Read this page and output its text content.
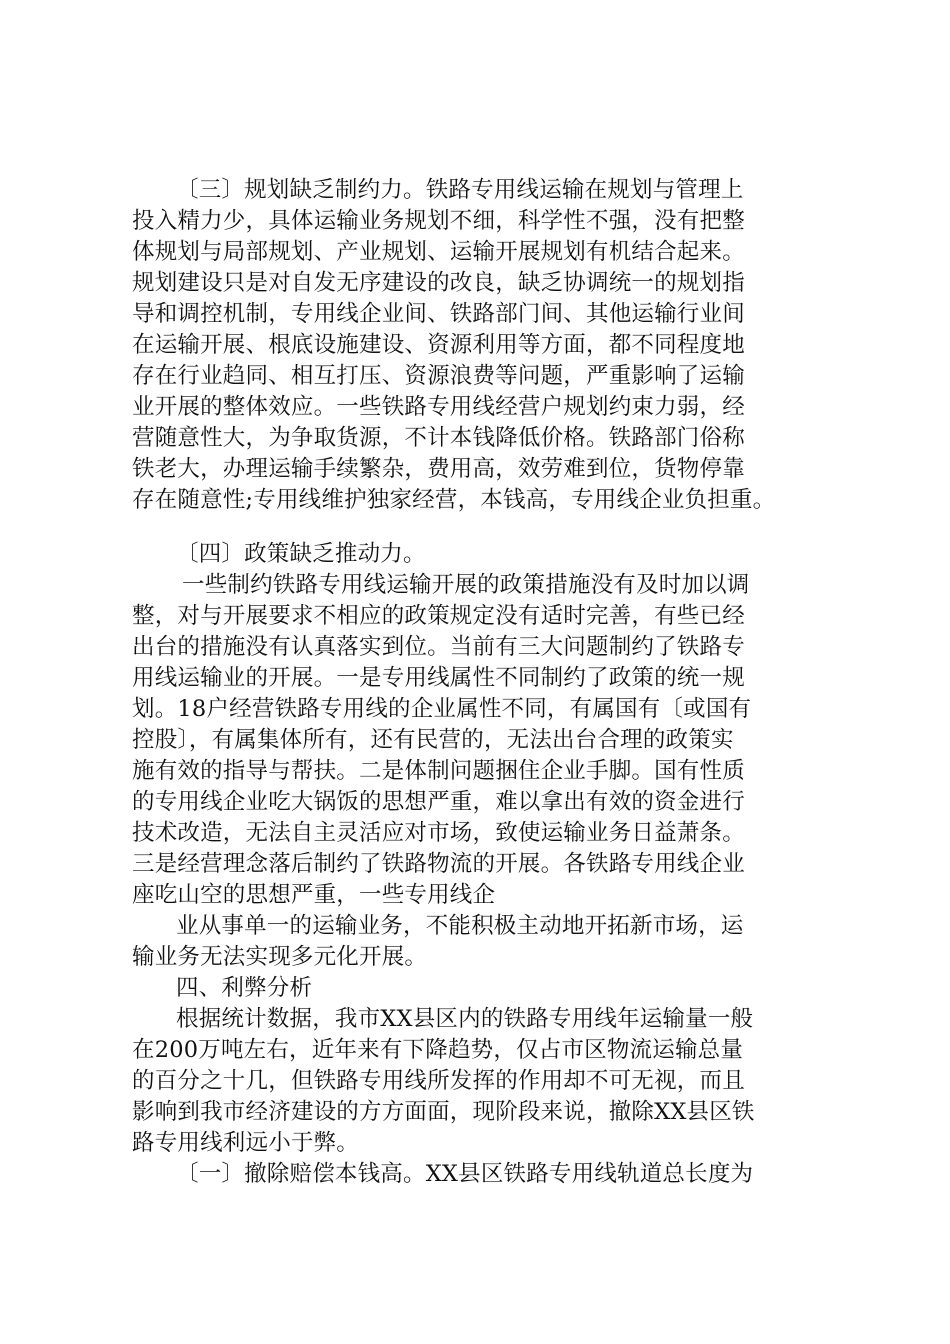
〔三〕规划缺乏制约力。铁路专用线运输在规划与管理上
投入精力少，具体运输业务规划不细，科学性不强，没有把整
体规划与局部规划、产业规划、运输开展规划有机结合起来。
规划建设只是对自发无序建设的改良，缺乏协调统一的规划指
导和调控机制，专用线企业间、铁路部门间、其他运输行业间
在运输开展、根底设施建设、资源利用等方面，都不同程度地
存在行业趋同、相互打压、资源浪费等问题，严重影响了运输
业开展的整体效应。一些铁路专用线经营户规划约束力弱，经
营随意性大，为争取货源，不计本钱降低价格。铁路部门俗称
铁老大，办理运输手续繁杂，费用高，效劳难到位，货物停靠
存在随意性;专用线维护独家经营，本钱高，专用线企业负担重。
〔四〕政策缺乏推动力。
一些制约铁路专用线运输开展的政策措施没有及时加以调
整，对与开展要求不相应的政策规定没有适时完善，有些已经
出台的措施没有认真落实到位。当前有三大问题制约了铁路专
用线运输业的开展。一是专用线属性不同制约了政策的统一规
划。18户经营铁路专用线的企业属性不同，有属国有〔或国有
控股〕，有属集体所有，还有民营的，无法出台合理的政策实
施有效的指导与帮扶。二是体制问题捆住企业手脚。国有性质
的专用线企业吃大锅饭的思想严重，难以拿出有效的资金进行
技术改造，无法自主灵活应对市场，致使运输业务日益萧条。
三是经营理念落后制约了铁路物流的开展。各铁路专用线企业
座吃山空的思想严重，一些专用线企
业从事单一的运输业务，不能积极主动地开拓新市场，运
输业务无法实现多元化开展。
四、利弊分析
根据统计数据，我市XX县区内的铁路专用线年运输量一般
在200万吨左右，近年来有下降趋势，仅占市区物流运输总量
的百分之十几，但铁路专用线所发挥的作用却不可无视，而且
影响到我市经济建设的方方面面，现阶段来说，撤除XX县区铁
路专用线利远小于弊。
〔一〕撤除赔偿本钱高。XX县区铁路专用线轨道总长度为
